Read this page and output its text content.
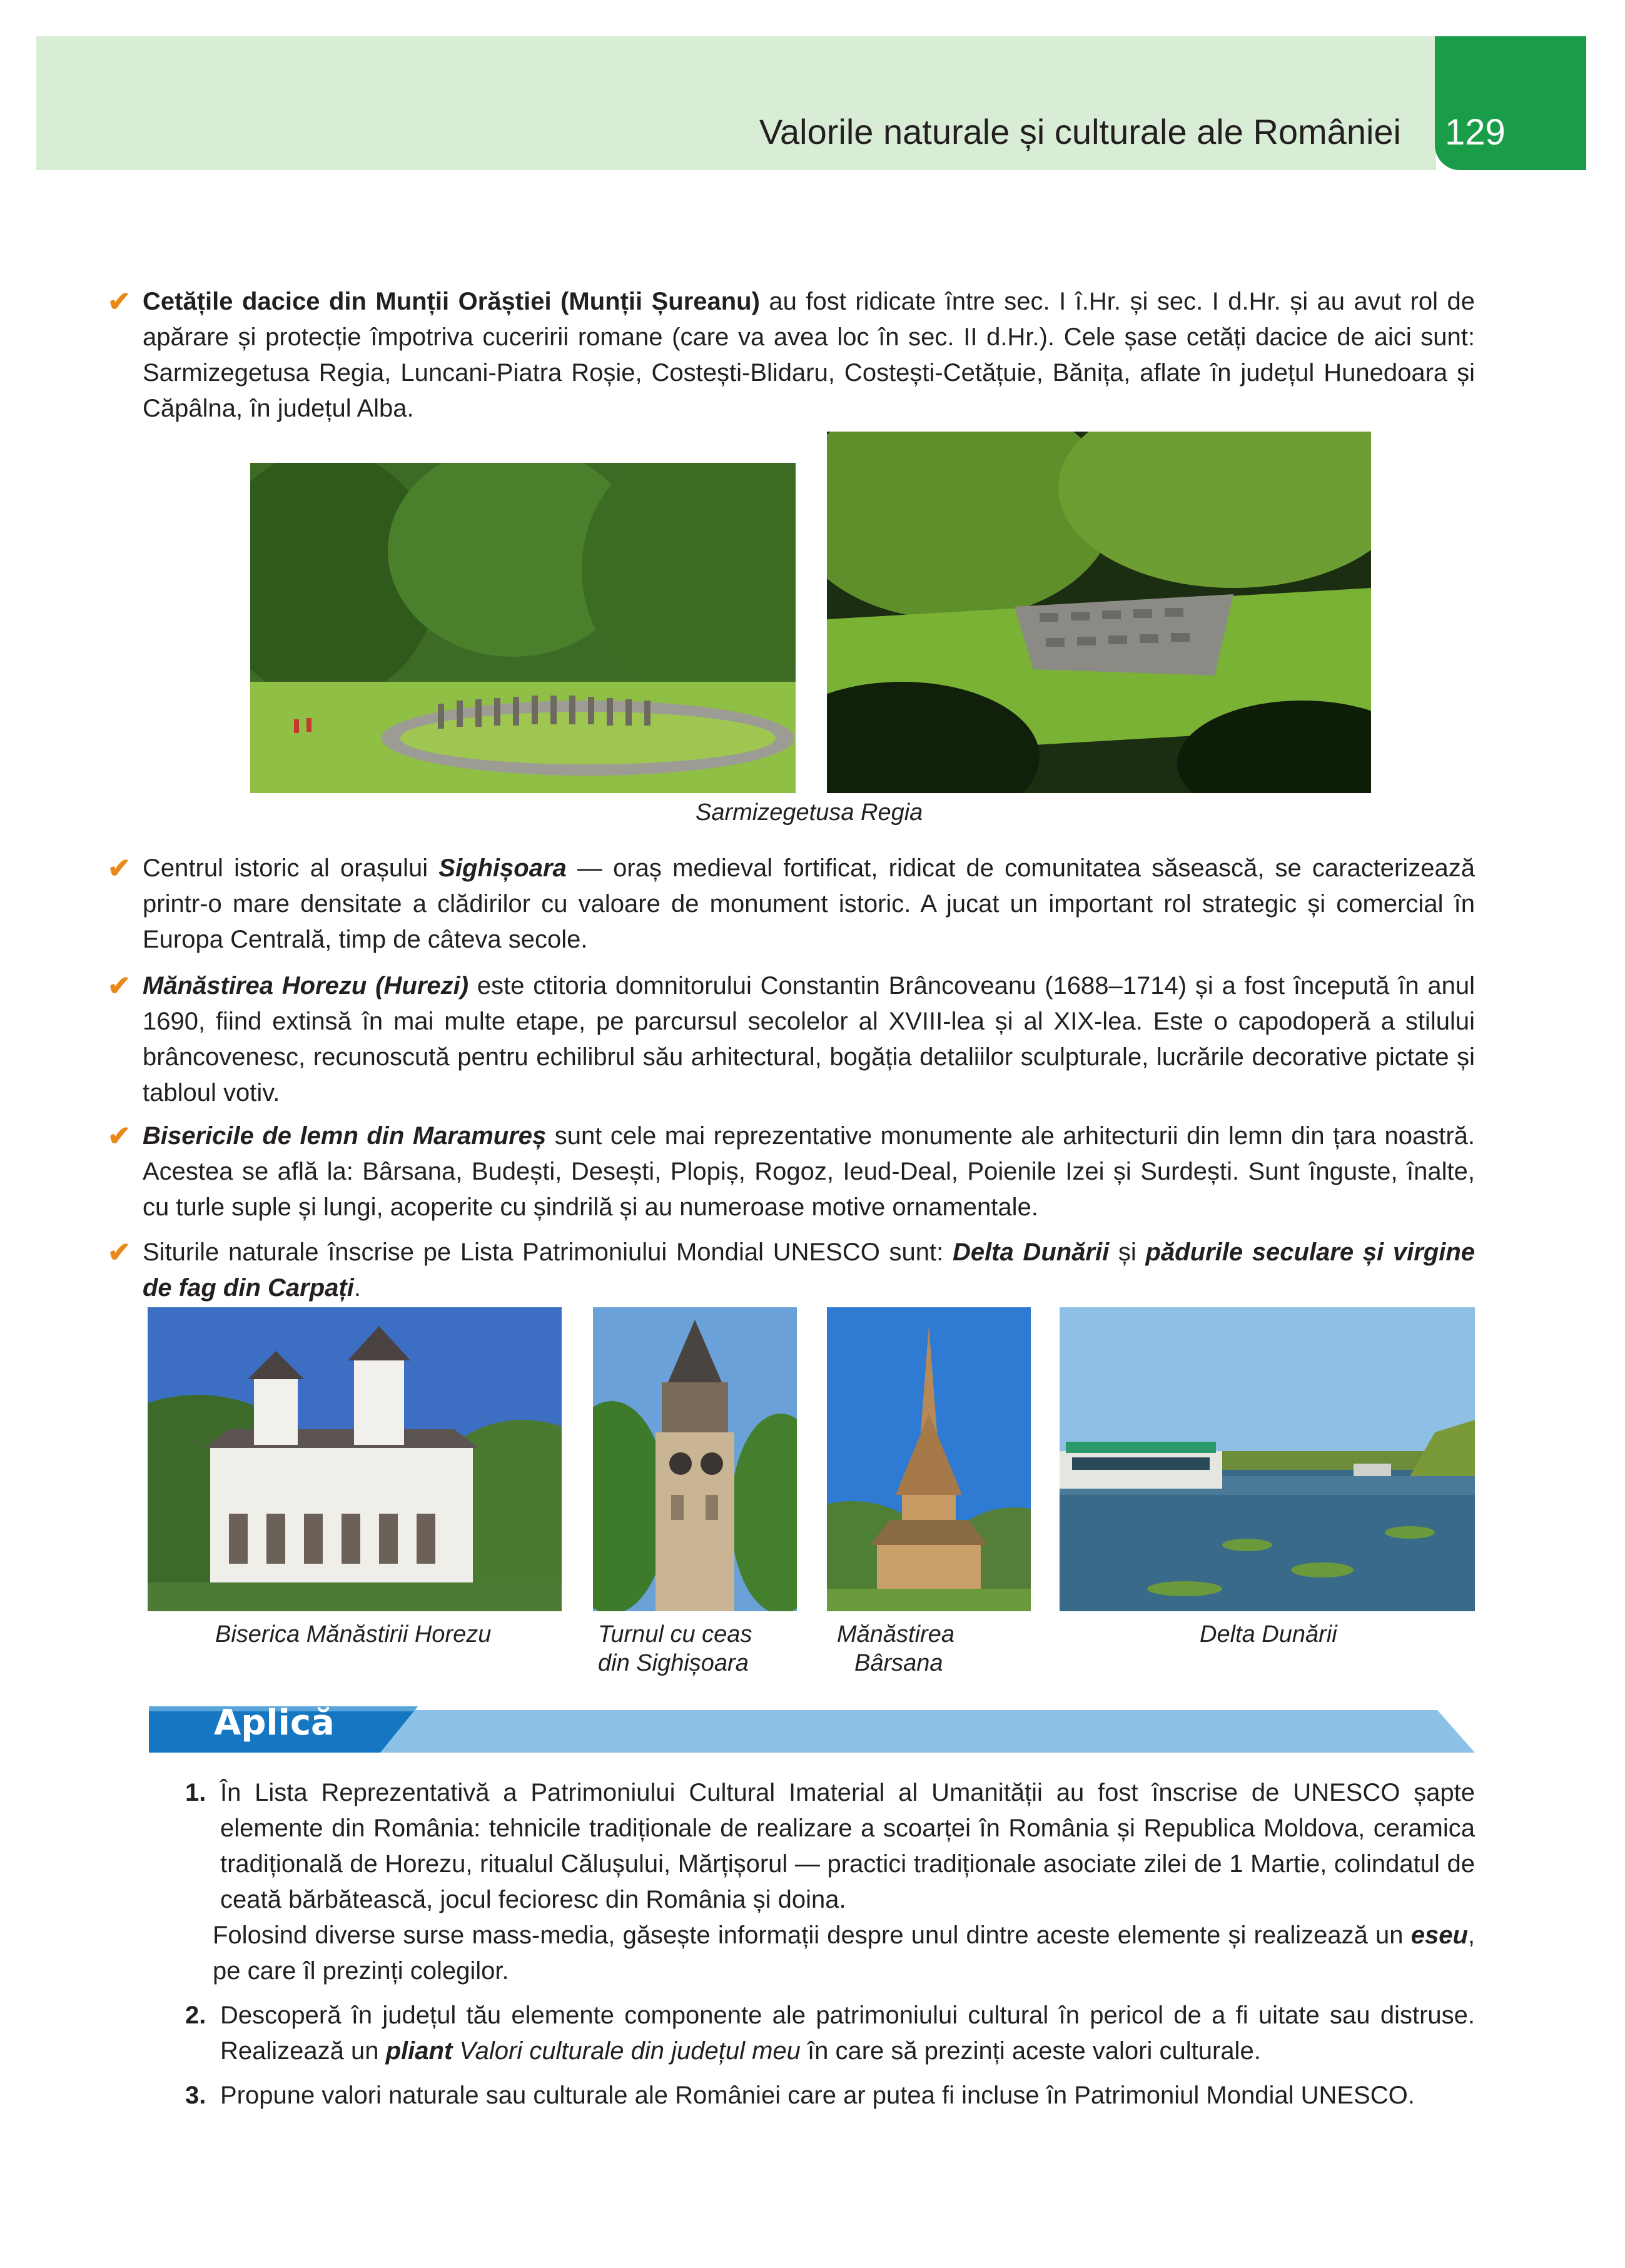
Valorile naturale și culturale ale României 129
✔ Cetățile dacice din Munții Orăștiei (Munții Șureanu) au fost ridicate între sec. I î.Hr. și sec. I d.Hr. și au avut rol de apărare și protecție împotriva cuceririi romane (care va avea loc în sec. II d.Hr.). Cele șase cetăți dacice de aici sunt: Sarmizegetusa Regia, Luncani-Piatra Roșie, Costești-Blidaru, Costești-Cetățuie, Bănița, aflate în județul Hunedoara și Căpâlna, în județul Alba.
Sarmizegetusa Regia
✔ Centrul istoric al orașului Sighișoara — oraș medieval fortificat, ridicat de comunitatea săsească, se caracterizează printr-o mare densitate a clădirilor cu valoare de monument istoric. A jucat un important rol strategic și comercial în Europa Centrală, timp de câteva secole.
✔ Mănăstirea Horezu (Hurezi) este ctitoria domnitorului Constantin Brâncoveanu (1688–1714) și a fost începută în anul 1690, fiind extinsă în mai multe etape, pe parcursul secolelor al XVIII-lea și al XIX-lea. Este o capodoperă a stilului brâncovenesc, recunoscută pentru echilibrul său arhitectural, bogăția detaliilor sculpturale, lucrările decorative pictate și tabloul votiv.
✔ Bisericile de lemn din Maramureș sunt cele mai reprezentative monumente ale arhitecturii din lemn din țara noastră. Acestea se află la: Bârsana, Budești, Desești, Plopiș, Rogoz, Ieud-Deal, Poienile Izei și Surdești. Sunt înguste, înalte, cu turle suple și lungi, acoperite cu șindrilă și au numeroase motive ornamentale.
✔ Siturile naturale înscrise pe Lista Patrimoniului Mondial UNESCO sunt: Delta Dunării și pădurile seculare și virgine de fag din Carpați.
Biserica Mănăstirii Horezu	Turnul cu ceas
din Sighișoara
Mănăstirea
Bârsana
Delta Dunării
Aplică
1. În Lista Reprezentativă a Patrimoniului Cultural Imaterial al Umanității au fost înscrise de UNESCO șapte elemente din România: tehnicile tradiționale de realizare a scoarței în România și Republica Moldova, ceramica tradițională de Horezu, ritualul Călușului, Mărțișorul — practici tradiționale asociate zilei de 1 Martie, colindatul de ceată bărbătească, jocul fecioresc din România și doina.
Folosind diverse surse mass-media, găsește informații despre unul dintre aceste elemente și realizează un eseu, pe care îl prezinți colegilor.
2. Descoperă în județul tău elemente componente ale patrimoniului cultural în pericol de a fi uitate sau distruse. Realizează un pliant Valori culturale din județul meu în care să prezinți aceste valori culturale.
3. Propune valori naturale sau culturale ale României care ar putea fi incluse în Patrimoniul Mondial UNESCO.
